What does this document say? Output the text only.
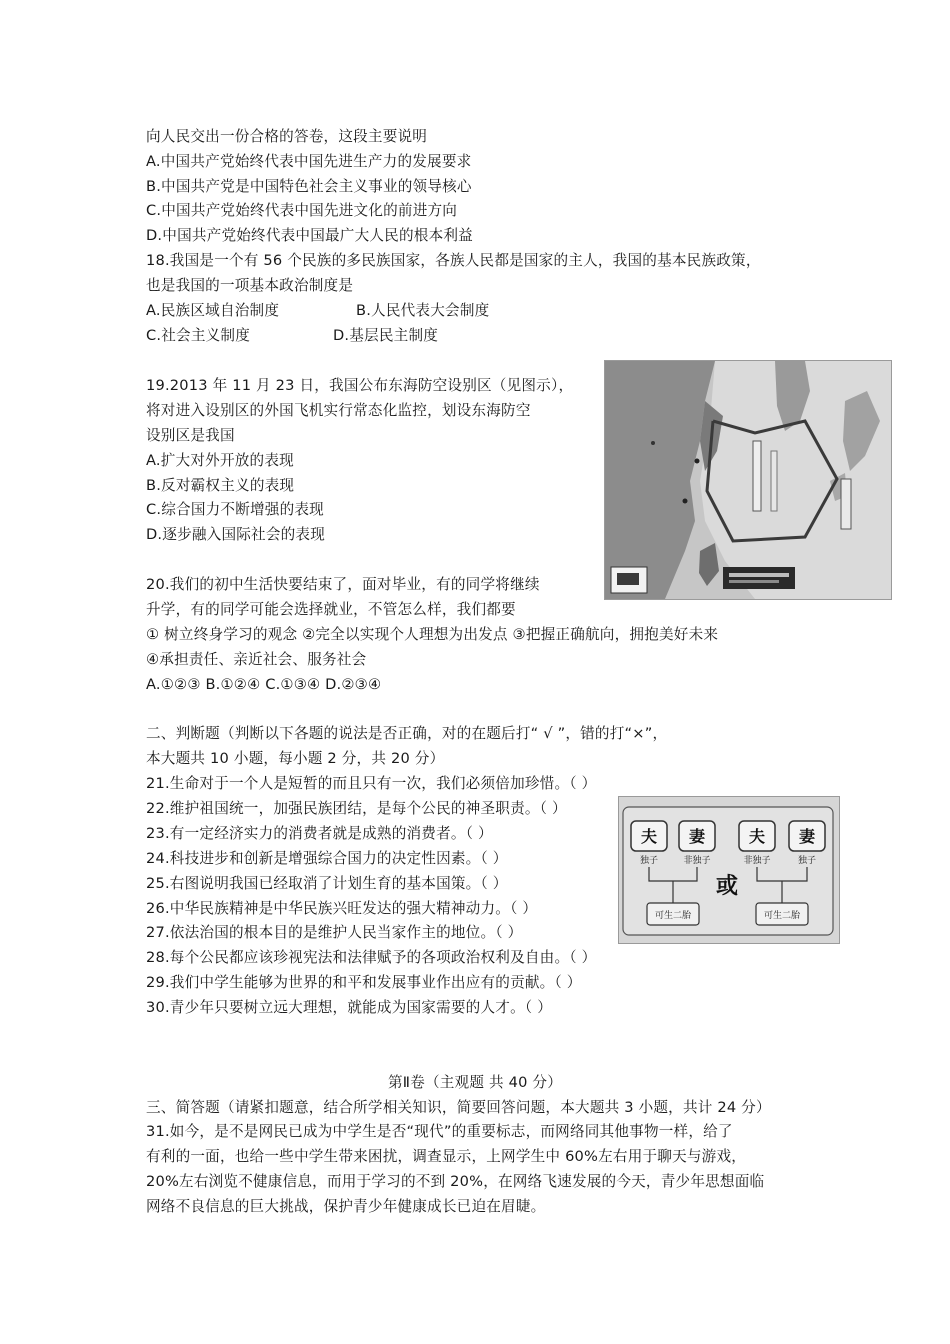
向人民交出一份合格的答卷，这段主要说明
A.中国共产党始终代表中国先进生产力的发展要求
B.中国共产党是中国特色社会主义事业的领导核心
C.中国共产党始终代表中国先进文化的前进方向
D.中国共产党始终代表中国最广大人民的根本利益
18.我国是一个有 56 个民族的多民族国家，各族人民都是国家的主人，我国的基本民族政策，
也是我国的一项基本政治制度是
A.民族区域自治制度	B.人民代表大会制度
C.社会主义制度	D.基层民主制度
19.2013 年 11 月 23 日，我国公布东海防空设别区（见图示），
将对进入设别区的外国飞机实行常态化监控，划设东海防空
设别区是我国
A.扩大对外开放的表现
B.反对霸权主义的表现
C.综合国力不断增强的表现
D.逐步融入国际社会的表现
20.我们的初中生活快要结束了，面对毕业，有的同学将继续
升学，有的同学可能会选择就业，不管怎么样，我们都要
① 树立终身学习的观念 ②完全以实现个人理想为出发点 ③把握正确航向，拥抱美好未来
④承担责任、亲近社会、服务社会
A.①②③ B.①②④ C.①③④ D.②③④
二、判断题（判断以下各题的说法是否正确，对的在题后打“ √ ”，错的打“×”，
本大题共 10 小题，每小题 2 分，共 20 分）
21.生命对于一个人是短暂的而且只有一次，我们必须倍加珍惜。（ ）
22.维护祖国统一，加强民族团结，是每个公民的神圣职责。（ ）
23.有一定经济实力的消费者就是成熟的消费者。（ ）
24.科技进步和创新是增强综合国力的决定性因素。（ ）
25.右图说明我国已经取消了计划生育的基本国策。（ ）
26.中华民族精神是中华民族兴旺发达的强大精神动力。（ ）
27.依法治国的根本目的是维护人民当家作主的地位。（ ）
28.每个公民都应该珍视宪法和法律赋予的各项政治权利及自由。（ ）
29.我们中学生能够为世界的和平和发展事业作出应有的贡献。（ ）
30.青少年只要树立远大理想，就能成为国家需要的人才。（ ）
第Ⅱ卷（主观题 共 40 分）
三、简答题（请紧扣题意，结合所学相关知识，简要回答问题，本大题共 3 小题，共计 24 分）
31.如今，是不是网民已成为中学生是否“现代”的重要标志，而网络同其他事物一样，给了
有利的一面，也给一些中学生带来困扰，调查显示，上网学生中 60%左右用于聊天与游戏，
20%左右浏览不健康信息，而用于学习的不到 20%，在网络飞速发展的今天，青少年思想面临
网络不良信息的巨大挑战，保护青少年健康成长已迫在眉睫。
夫 妻	夫 妻
独子	非独子	非独子	独子
或
可生二胎	可生二胎
